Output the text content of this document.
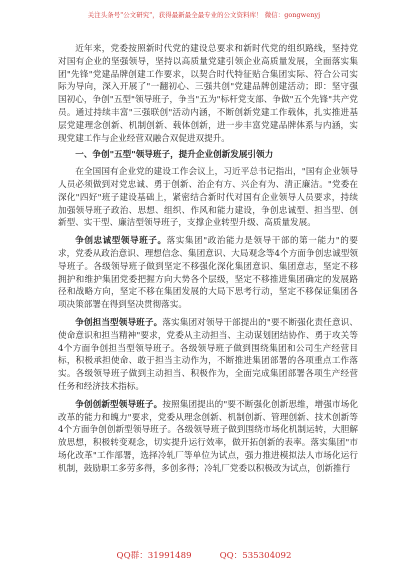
关注头条号"公文研究"，获得最新最全最专业的公文资料库！ 微信：gongwenyj

近年来，党委按照新时代党的建设总要求和新时代党的组织路线，坚持党对国有企业的坚强领导，坚持以高质量党建引领企业高质量发展，全面落实集团"先锋"党建品牌创建工作要求，以契合时代特征贴合集团实际、符合公司实际为导向，深入开展了"一翻初心、三强共创"党建品牌创建活动；即：坚守强国初心，争创"五型"领导班子，争当"五为"标杆党支部、争做"五个先锋"共产党员。通过持续丰富"三强联创"活动内涵，不断创新党建工作载体，扎实推进基层党建理念创新、机制创新、载体创新，进一步丰富党建品牌体系与内涵，实现党建工作与企业经营双融合双促进双提升。

一、争创"五型"领导班子，提升企业创新发展引领力

在全国国有企业党的建设工作会议上，习近平总书记指出，"国有企业领导人员必须做到对党忠诚、勇于创新、治企有方、兴企有为、清正廉洁。"党委在深化"四好"班子建设基础上，紧密结合新时代对国有企业领导人员要求，持续加强领导班子政治、思想、组织、作风和能力建设，争创忠诚型、担当型、创新型、实干型、廉洁型领导班子，支撑企业转型升级、高质量发展。

争创忠诚型领导班子。落实集团"政治能力是领导干部的第一能力"的要求，党委从政治意识、理想信念、集团意识、大局观念等4个方面争创忠诚型领导班子。各级领导班子做到坚定不移强化深化集团意识、集团意志，坚定不移拥护和维护集团党委把握方向大势各个层级，坚定不移推进集团确定的发展路径和战略方向，坚定不移在集团发展的大局下思考行动，坚定不移保证集团各项决策部署在得到坚决贯彻落实。

争创担当型领导班子。落实集团对领导干部提出的"要不断强化责任意识、使命意识和担当精神"要求，党委从主动担当、主动谋划团结协作、勇于攻关等4个方面争创担当型领导班子。各级领导班子做到围绕集团和公司生产经营目标，积极承担使命、敢于担当主动作为，不断推进集团部署的各项重点工作落实。各级领导班子做到主动担当、积极作为，全面完成集团部署各项生产经营任务和经济技术指标。

争创创新型领导班子。按照集团提出的"要不断强化创新思维，增强市场化改革的能力和魄力"要求，党委从理念创新、机制创新、管理创新、技术创新等4个方面争创创新型领导班子。各级领导班子做到围绕市场化机制运转，大胆解放思想，积极转变观念，切实提升运行效率，做开拓创新的表率。落实集团"市场化改革"工作部署，选择冷轧厂等单位为试点，强力推进模拟法人市场化运行机制，鼓励职工多劳多得，多创多得；冷轧厂党委以积极改为试点，创新推行

QQ群：31991489	QQ：535304092
